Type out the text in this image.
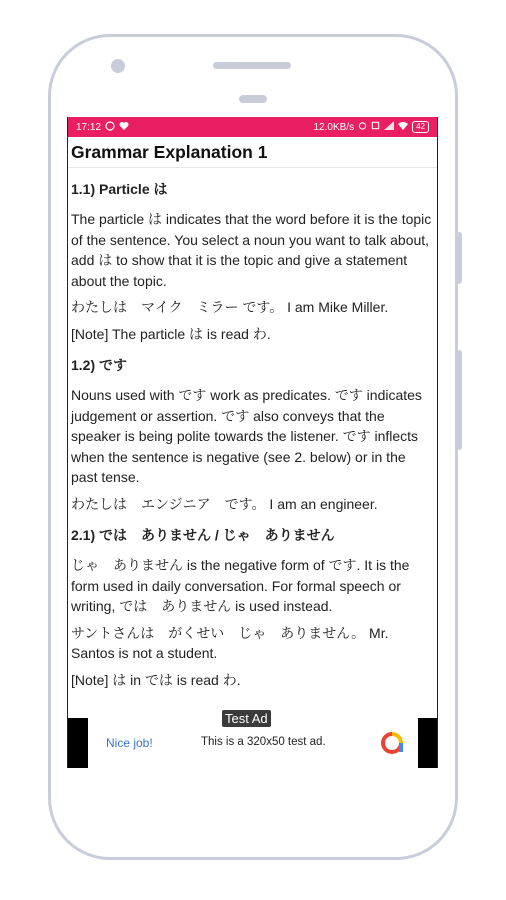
17:12	12.0KB/s	42
Grammar Explanation 1
1.1) Particle は
The particle は indicates that the word before it is the topic of the sentence. You select a noun you want to talk about, add は to show that it is the topic and give a statement about the topic.
わたしは　マイク　ミラー です。 I am Mike Miller.
[Note] The particle は is read わ.
1.2) です
Nouns used with です work as predicates. です indicates judgement or assertion. です also conveys that the speaker is being polite towards the listener. です inflects when the sentence is negative (see 2. below) or in the past tense.
わたしは　エンジニア　です。 I am an engineer.
2.1) では　ありません / じゃ　ありません
じゃ　ありません is the negative form of です. It is the form used in daily conversation. For formal speech or writing, では　ありません is used instead.
サントさんは　がくせい　じゃ　ありません。 Mr. Santos is not a student.
[Note] は in では is read わ.
Nice job!	This is a 320x50 test ad.
Test Ad
